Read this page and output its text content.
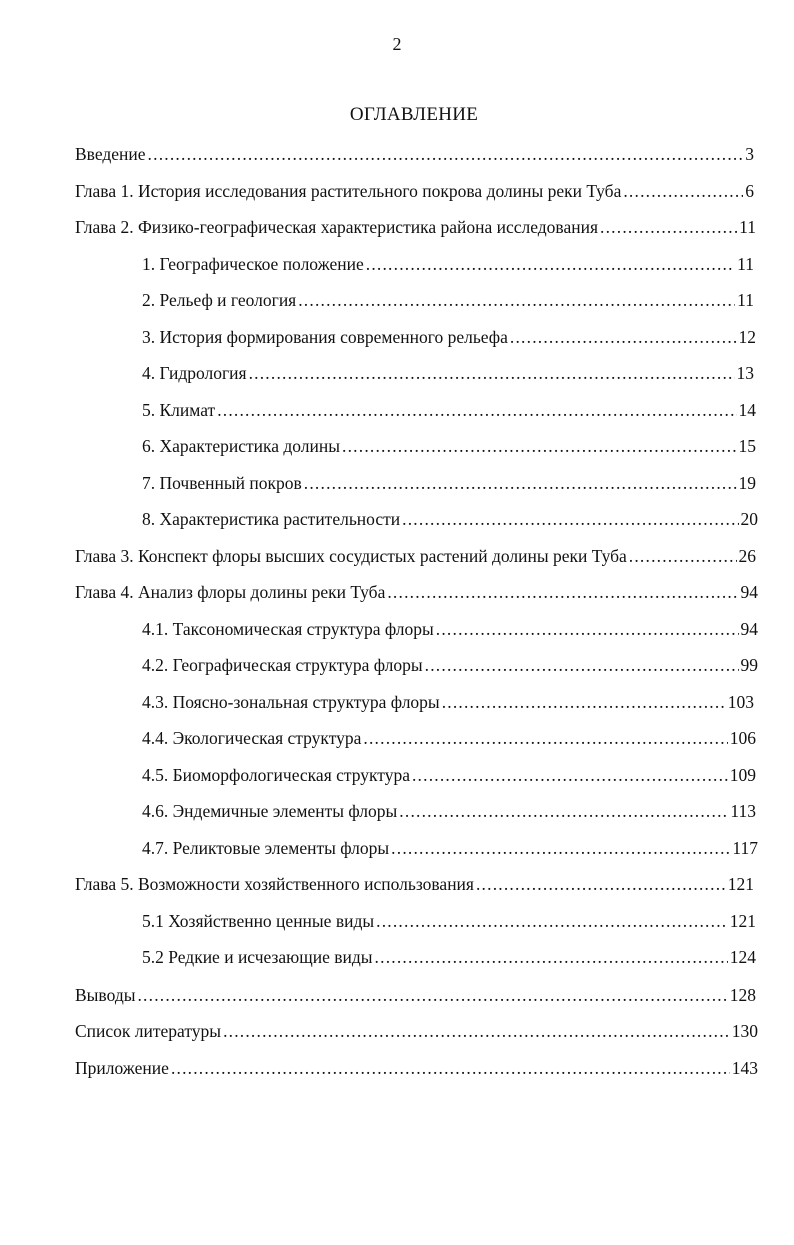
2
ОГЛАВЛЕНИЕ
Введение .....	3
Глава 1. История исследования растительного покрова долины реки Туба .....	6
Глава 2. Физико-географическая характеристика района исследования .....	11
1. Географическое положение .....	11
2. Рельеф и геология .....	11
3. История формирования современного рельефа .....	12
4. Гидрология .....	13
5. Климат .....	14
6. Характеристика долины .....	15
7. Почвенный покров .....	19
8. Характеристика растительности .....	20
Глава 3. Конспект флоры высших сосудистых растений долины реки Туба .....	26
Глава 4. Анализ флоры долины реки Туба .....	94
4.1. Таксономическая структура флоры .....	94
4.2. Географическая структура флоры .....	99
4.3. Поясно-зональная структура флоры .....	103
4.4. Экологическая структура .....	106
4.5. Биоморфологическая структура .....	109
4.6. Эндемичные элементы флоры .....	113
4.7. Реликтовые элементы флоры .....	117
Глава 5. Возможности хозяйственного использования .....	121
5.1 Хозяйственно ценные виды .....	121
5.2 Редкие и исчезающие виды .....	124
Выводы .....	128
Список литературы .....	130
Приложение .....	143
